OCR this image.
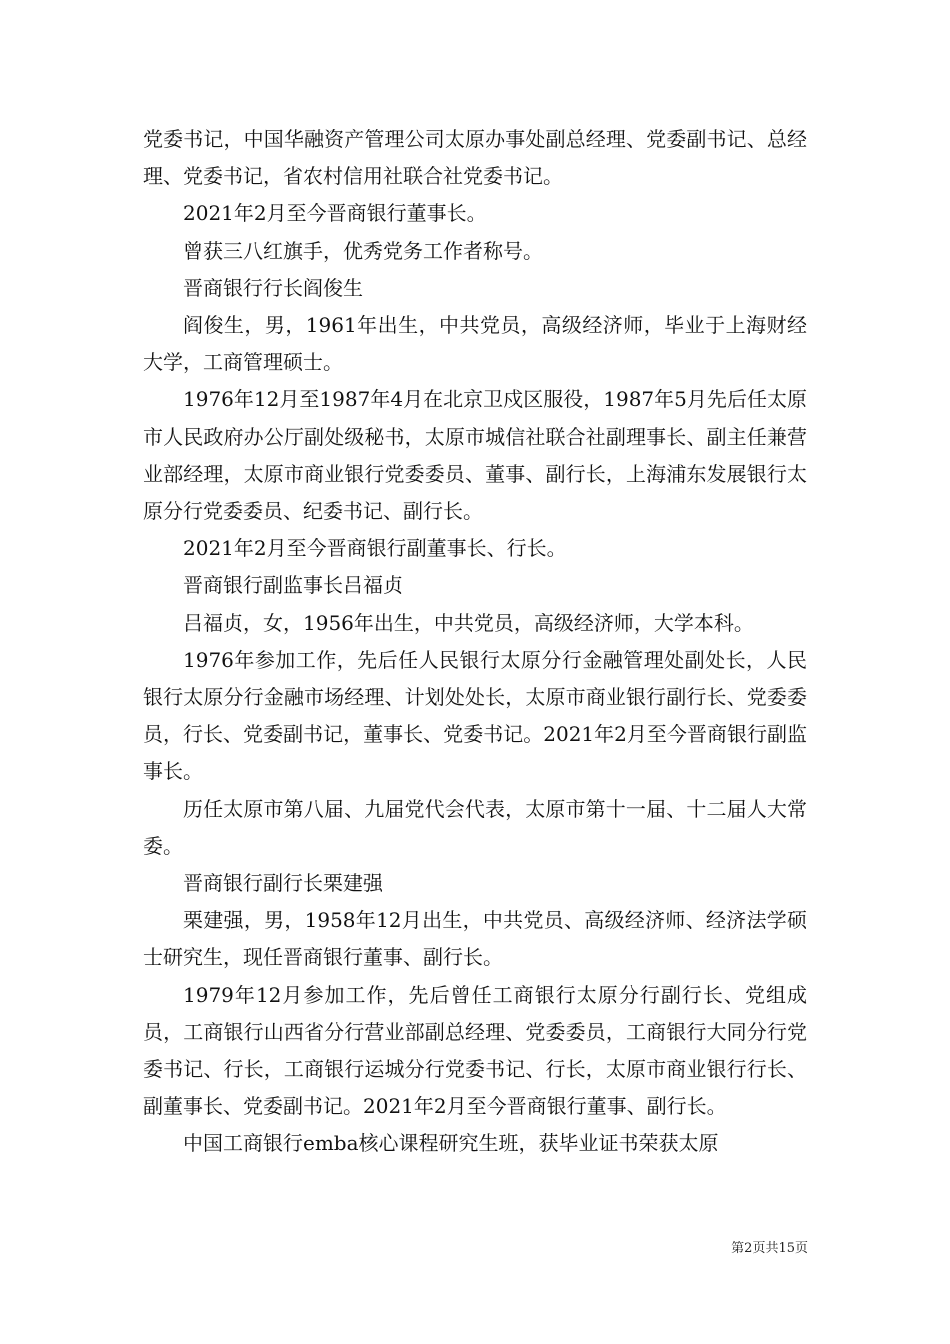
党委书记，中国华融资产管理公司太原办事处副总经理、党委副书记、总经理、党委书记，省农村信用社联合社党委书记。

2021年2月至今晋商银行董事长。

曾获三八红旗手，优秀党务工作者称号。

晋商银行行长阎俊生

阎俊生，男，1961年出生，中共党员，高级经济师，毕业于上海财经大学，工商管理硕士。

1976年12月至1987年4月在北京卫戍区服役，1987年5月先后任太原市人民政府办公厅副处级秘书，太原市城信社联合社副理事长、副主任兼营业部经理，太原市商业银行党委委员、董事、副行长，上海浦东发展银行太原分行党委委员、纪委书记、副行长。

2021年2月至今晋商银行副董事长、行长。

晋商银行副监事长吕福贞

吕福贞，女，1956年出生，中共党员，高级经济师，大学本科。

1976年参加工作，先后任人民银行太原分行金融管理处副处长，人民银行太原分行金融市场经理、计划处处长，太原市商业银行副行长、党委委员，行长、党委副书记，董事长、党委书记。2021年2月至今晋商银行副监事长。

历任太原市第八届、九届党代会代表，太原市第十一届、十二届人大常委。

晋商银行副行长栗建强

栗建强，男，1958年12月出生，中共党员、高级经济师、经济法学硕士研究生，现任晋商银行董事、副行长。

1979年12月参加工作，先后曾任工商银行太原分行副行长、党组成员，工商银行山西省分行营业部副总经理、党委委员，工商银行大同分行党委书记、行长，工商银行运城分行党委书记、行长，太原市商业银行行长、副董事长、党委副书记。2021年2月至今晋商银行董事、副行长。

中国工商银行emba核心课程研究生班，获毕业证书荣获太原

第2页共15页
